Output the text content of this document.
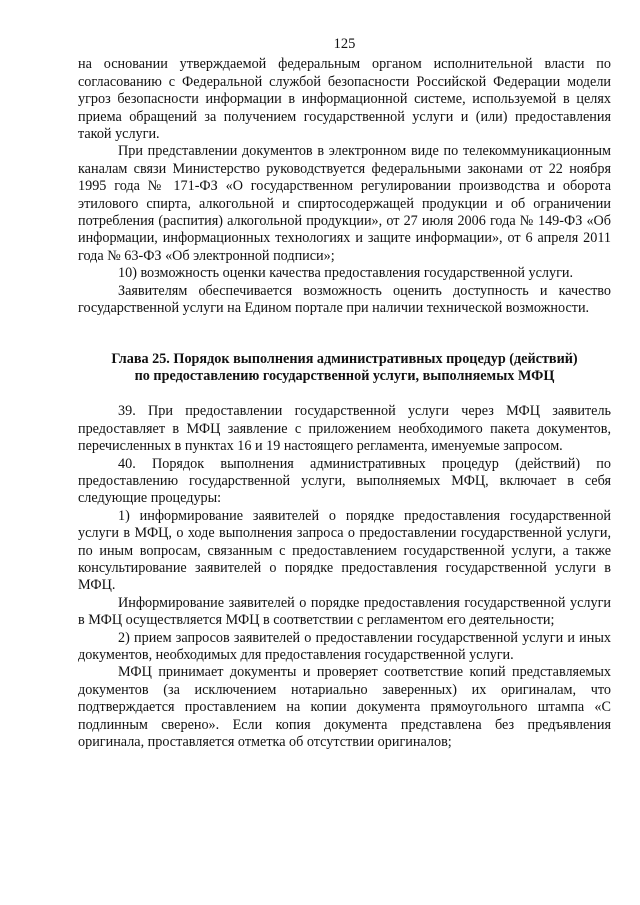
125

на основании утверждаемой федеральным органом исполнительной власти по согласованию с Федеральной службой безопасности Российской Федерации модели угроз безопасности информации в информационной системе, используемой в целях приема обращений за получением государственной услуги и (или) предоставления такой услуги.

При представлении документов в электронном виде по телекоммуникационным каналам связи Министерство руководствуется федеральными законами от 22 ноября 1995 года № 171-ФЗ «О государственном регулировании производства и оборота этилового спирта, алкогольной и спиртосодержащей продукции и об ограничении потребления (распития) алкогольной продукции», от 27 июля 2006 года № 149-ФЗ «Об информации, информационных технологиях и защите информации», от 6 апреля 2011 года № 63-ФЗ «Об электронной подписи»;

10) возможность оценки качества предоставления государственной услуги.

Заявителям обеспечивается возможность оценить доступность и качество государственной услуги на Едином портале при наличии технической возможности.

Глава 25. Порядок выполнения административных процедур (действий)
по предоставлению государственной услуги, выполняемых МФЦ

39. При предоставлении государственной услуги через МФЦ заявитель предоставляет в МФЦ заявление с приложением необходимого пакета документов, перечисленных в пунктах 16 и 19 настоящего регламента, именуемые запросом.

40. Порядок выполнения административных процедур (действий) по предоставлению государственной услуги, выполняемых МФЦ, включает в себя следующие процедуры:

1) информирование заявителей о порядке предоставления государственной услуги в МФЦ, о ходе выполнения запроса о предоставлении государственной услуги, по иным вопросам, связанным с предоставлением государственной услуги, а также консультирование заявителей о порядке предоставления государственной услуги в МФЦ.

Информирование заявителей о порядке предоставления государственной услуги в МФЦ осуществляется МФЦ в соответствии с регламентом его деятельности;

2) прием запросов заявителей о предоставлении государственной услуги и иных документов, необходимых для предоставления государственной услуги.

МФЦ принимает документы и проверяет соответствие копий представляемых документов (за исключением нотариально заверенных) их оригиналам, что подтверждается проставлением на копии документа прямоугольного штампа «С подлинным сверено». Если копия документа представлена без предъявления оригинала, проставляется отметка об отсутствии оригиналов;
